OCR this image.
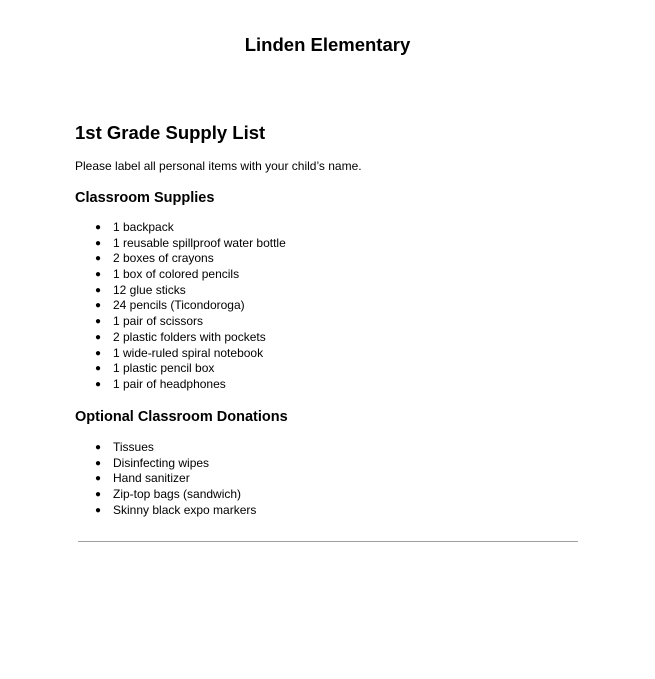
Linden Elementary
1st Grade Supply List

Please label all personal items with your child’s name.

Classroom Supplies
● 1 backpack
● 1 reusable spillproof water bottle
● 2 boxes of crayons
● 1 box of colored pencils
● 12 glue sticks
● 24 pencils (Ticondoroga)
● 1 pair of scissors
● 2 plastic folders with pockets
● 1 wide-ruled spiral notebook
● 1 plastic pencil box
● 1 pair of headphones
Optional Classroom Donations
● Tissues
● Disinfecting wipes
● Hand sanitizer
● Zip-top bags (sandwich)
● Skinny black expo markers
